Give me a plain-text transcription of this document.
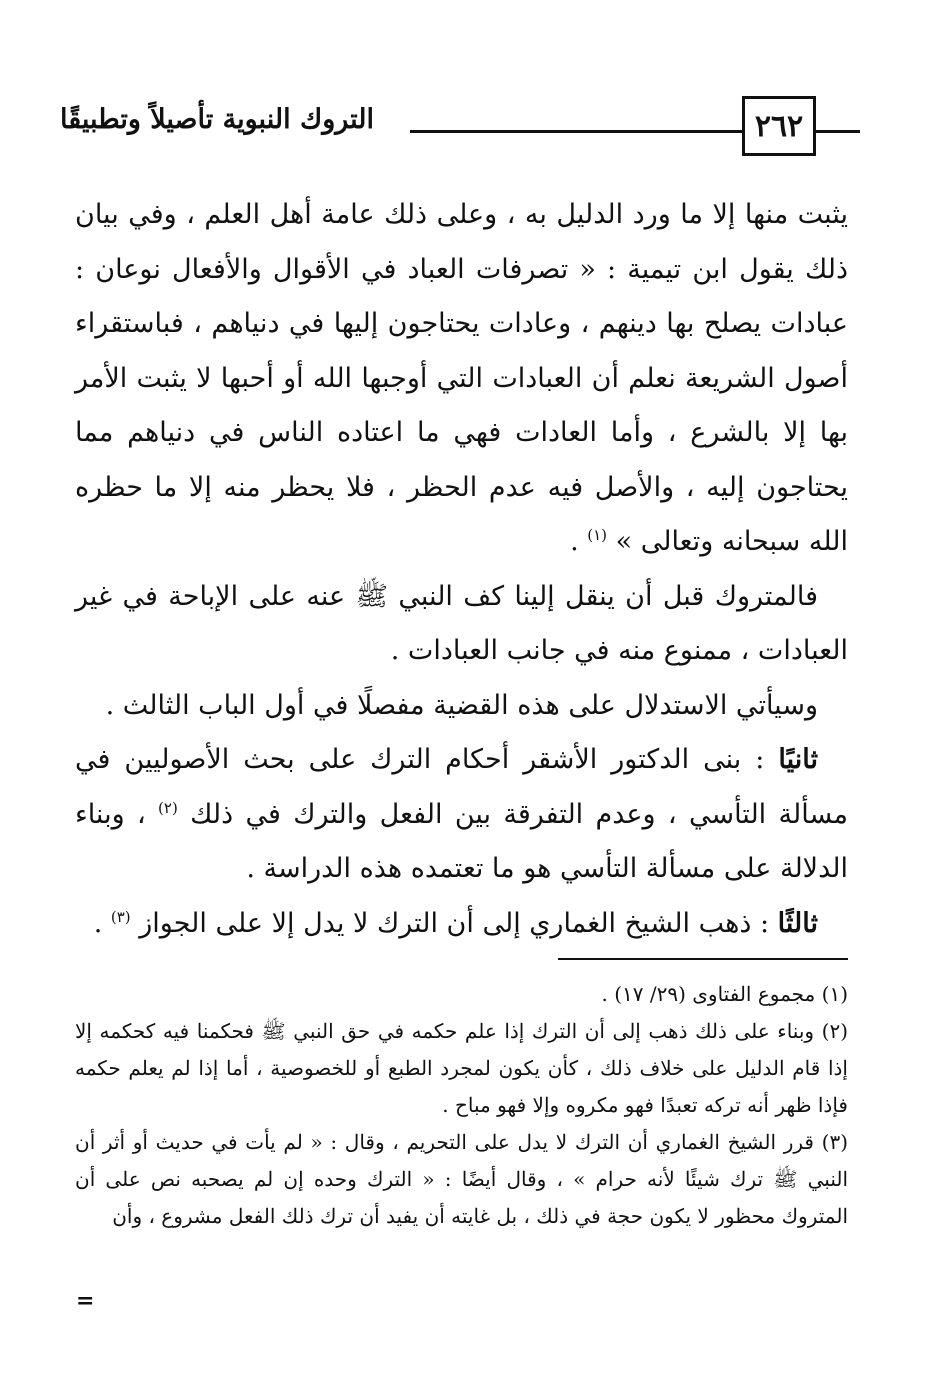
٢٦٢
التروك النبوية تأصيلاً وتطبيقًا

يثبت منها إلا ما ورد الدليل به ، وعلى ذلك عامة أهل العلم ، وفي بيان ذلك يقول ابن تيمية : « تصرفات العباد في الأقوال والأفعال نوعان : عبادات يصلح بها دينهم ، وعادات يحتاجون إليها في دنياهم ، فباستقراء أصول الشريعة نعلم أن العبادات التي أوجبها الله أو أحبها لا يثبت الأمر بها إلا بالشرع ، وأما العادات فهي ما اعتاده الناس في دنياهم مما يحتاجون إليه ، والأصل فيه عدم الحظر ، فلا يحظر منه إلا ما حظره الله سبحانه وتعالى » $^{(١)}$ .

فالمتروك قبل أن ينقل إلينا كف النبي ﷺ عنه على الإباحة في غير العبادات ، ممنوع منه في جانب العبادات .

وسيأتي الاستدلال على هذه القضية مفصلًا في أول الباب الثالث .

ثانيًا : بنى الدكتور الأشقر أحكام الترك على بحث الأصوليين في مسألة التأسي ، وعدم التفرقة بين الفعل والترك في ذلك $^{(٢)}$ ، وبناء الدلالة على مسألة التأسي هو ما تعتمده هذه الدراسة .

ثالثًا : ذهب الشيخ الغماري إلى أن الترك لا يدل إلا على الجواز $^{(٣)}$ .

(١) مجموع الفتاوى (٢٩/ ١٧) .

(٢) وبناء على ذلك ذهب إلى أن الترك إذا علم حكمه في حق النبي ﷺ فحكمنا فيه كحكمه إلا إذا قام الدليل على خلاف ذلك ، كأن يكون لمجرد الطبع أو للخصوصية ، أما إذا لم يعلم حكمه فإذا ظهر أنه تركه تعبدًا فهو مكروه وإلا فهو مباح .

(٣) قرر الشيخ الغماري أن الترك لا يدل على التحريم ، وقال : « لم يأت في حديث أو أثر أن النبي ﷺ ترك شيئًا لأنه حرام » ، وقال أيضًا : « الترك وحده إن لم يصحبه نص على أن المتروك محظور لا يكون حجة في ذلك ، بل غايته أن يفيد أن ترك ذلك الفعل مشروع ، وأن

=
